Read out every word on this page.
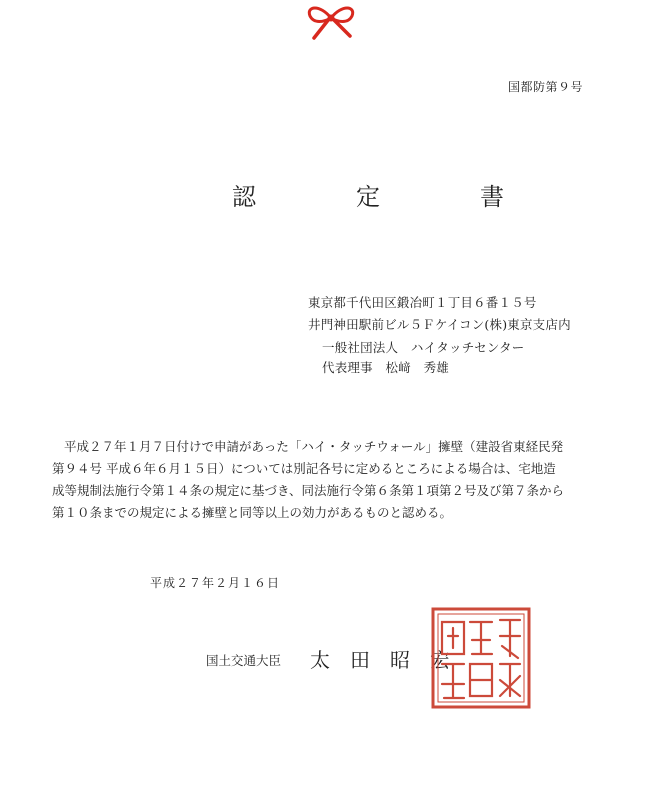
国都防第９号
認　定　書
東京都千代田区鍛冶町１丁目６番１５号
井門神田駅前ビル５Ｆケイコン(株)東京支店内
一般社団法人　ハイタッチセンター
代表理事　松﨑　秀雄
平成２７年１月７日付けで申請があった「ハイ・タッチウォール」擁壁（建設省東経民発
第９４号 平成６年６月１５日）については別記各号に定めるところによる場合は、宅地造
成等規制法施行令第１４条の規定に基づき、同法施行令第６条第１項第２号及び第７条から
第１０条までの規定による擁壁と同等以上の効力があるものと認める。
平成２７年２月１６日
国土交通大臣 太田昭宏
